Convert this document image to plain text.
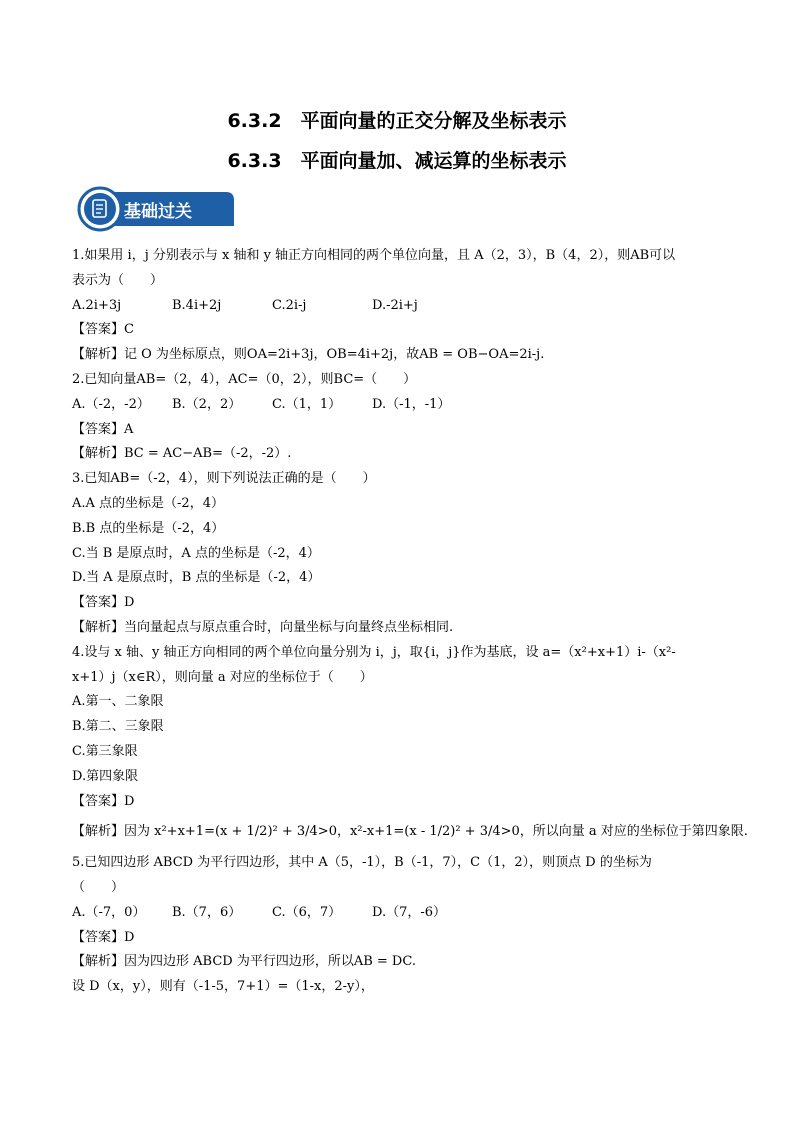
6.3.2　平面向量的正交分解及坐标表示
6.3.3　平面向量加、减运算的坐标表示
基础过关
1.如果用 i，j 分别表示与 x 轴和 y 轴正方向相同的两个单位向量，且 A（2，3），B（4，2），则AB可以
表示为（　　）
A.2i+3j	B.4i+2j	C.2i-j	D.-2i+j
【答案】C
【解析】记 O 为坐标原点，则OA=2i+3j，OB=4i+2j，故AB = OB−OA=2i-j.
2.已知向量AB=（2，4），AC=（0，2），则BC=（　　）
A.（-2，-2）	B.（2，2）	C.（1，1）	D.（-1，-1）
【答案】A
【解析】BC = AC−AB=（-2，-2）.
3.已知AB=（-2，4），则下列说法正确的是（　　）
A.A 点的坐标是（-2，4）
B.B 点的坐标是（-2，4）
C.当 B 是原点时，A 点的坐标是（-2，4）
D.当 A 是原点时，B 点的坐标是（-2，4）
【答案】D
【解析】当向量起点与原点重合时，向量坐标与向量终点坐标相同.
4.设与 x 轴、y 轴正方向相同的两个单位向量分别为 i，j，取{i，j}作为基底，设 a=（x²+x+1）i-（x²-
x+1）j（x∈R），则向量 a 对应的坐标位于（　　）
A.第一、二象限
B.第二、三象限
C.第三象限
D.第四象限
【答案】D
【解析】因为 x²+x+1=(x + 1/2)² + 3/4>0，x²-x+1=(x - 1/2)² + 3/4>0，所以向量 a 对应的坐标位于第四象限.
5.已知四边形 ABCD 为平行四边形，其中 A（5，-1），B（-1，7），C（1，2），则顶点 D 的坐标为
（　　）
A.（-7，0）	B.（7，6）	C.（6，7）	D.（7，-6）
【答案】D
【解析】因为四边形 ABCD 为平行四边形，所以AB = DC.
设 D（x，y），则有（-1-5，7+1）=（1-x，2-y），
